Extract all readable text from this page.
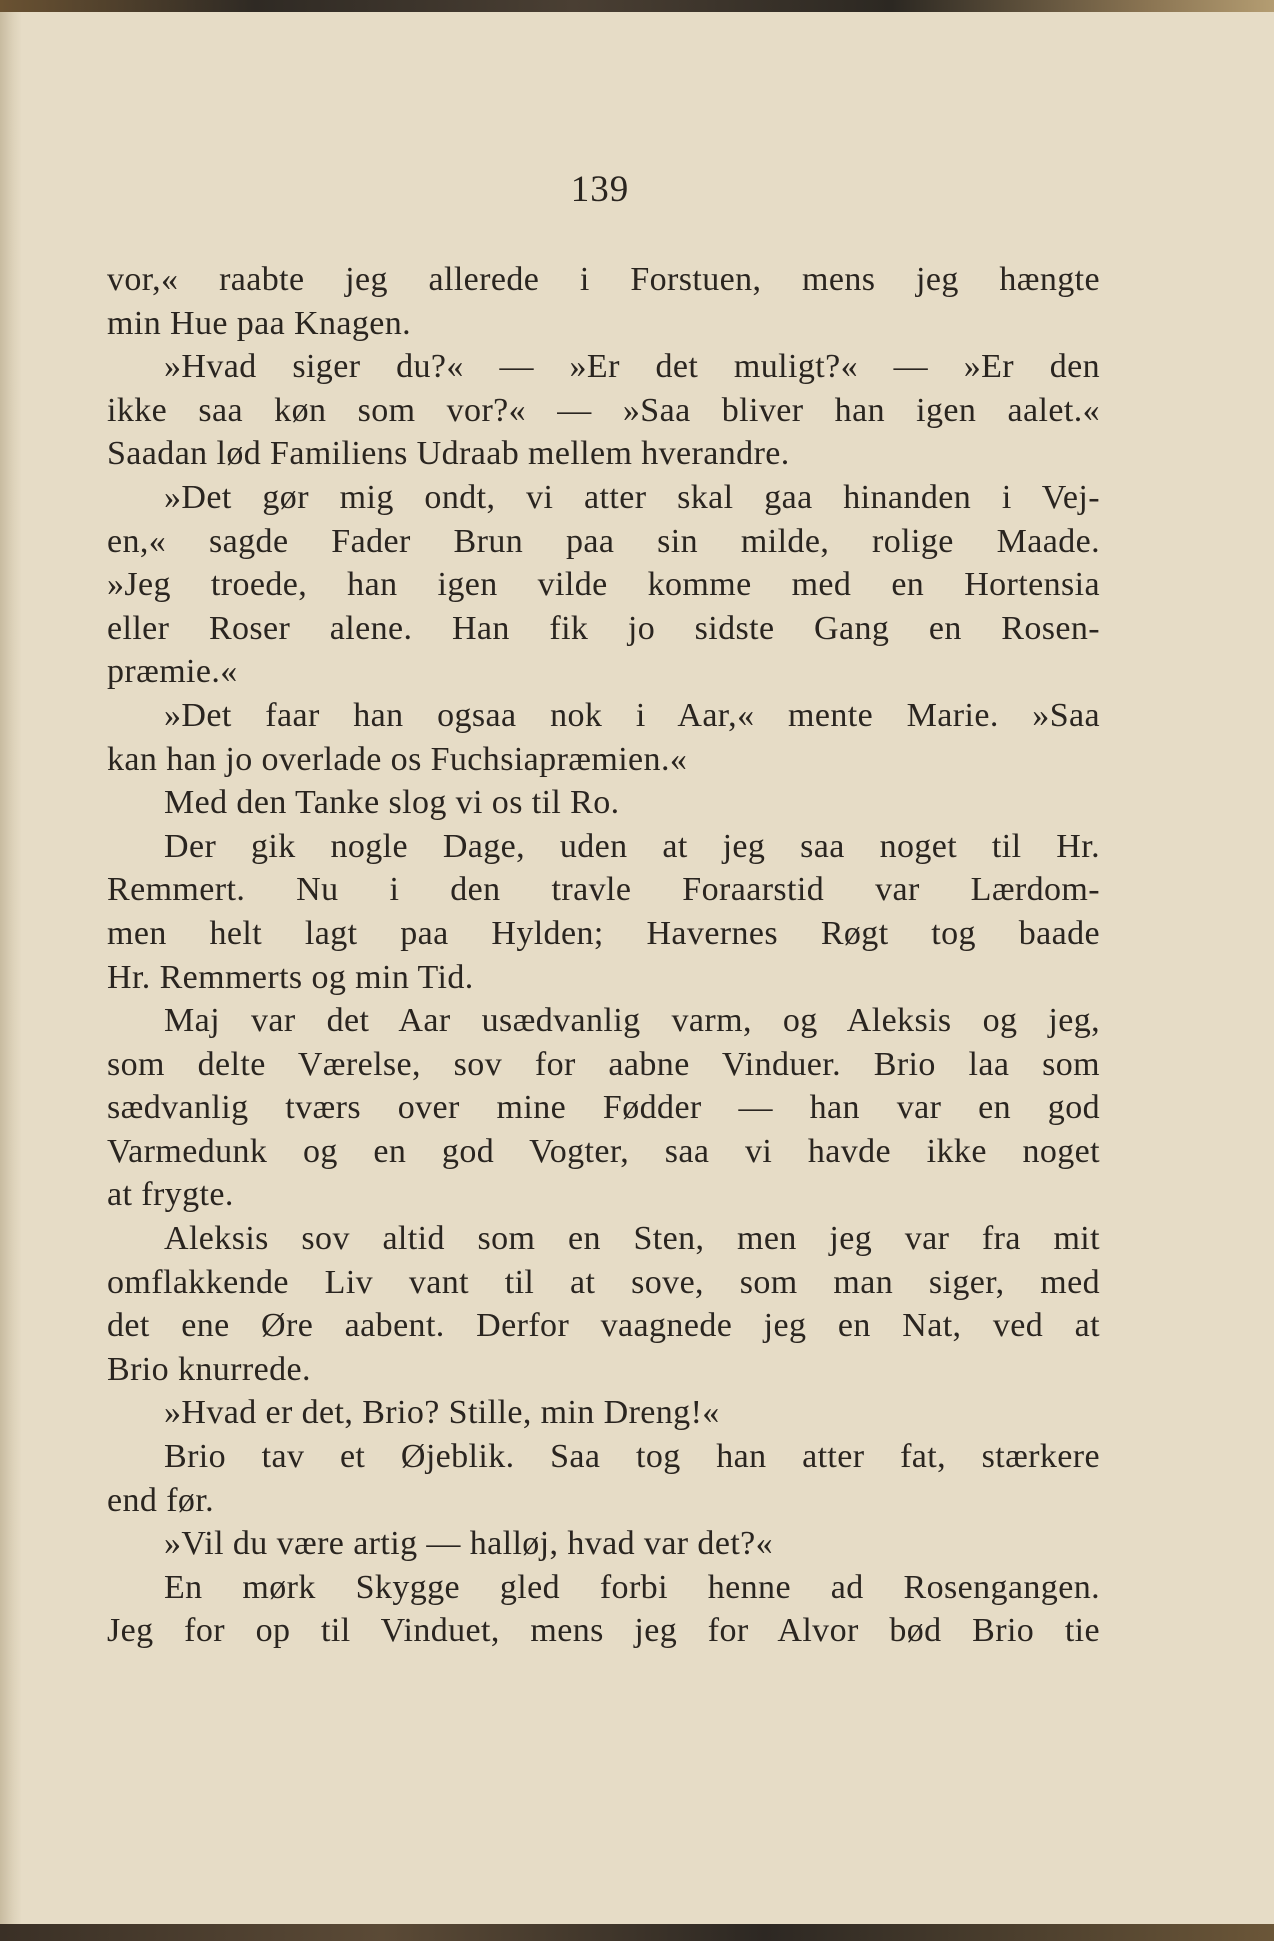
139
vor,« raabte jeg allerede i Forstuen, mens jeg hængte
min Hue paa Knagen.
»Hvad siger du?« — »Er det muligt?« — »Er den
ikke saa køn som vor?« — »Saa bliver han igen aalet.«
Saadan lød Familiens Udraab mellem hverandre.
»Det gør mig ondt, vi atter skal gaa hinanden i Vej-
en,« sagde Fader Brun paa sin milde, rolige Maade.
»Jeg troede, han igen vilde komme med en Hortensia
eller Roser alene. Han fik jo sidste Gang en Rosen-
præmie.«
»Det faar han ogsaa nok i Aar,« mente Marie. »Saa
kan han jo overlade os Fuchsiapræmien.«
Med den Tanke slog vi os til Ro.
Der gik nogle Dage, uden at jeg saa noget til Hr.
Remmert. Nu i den travle Foraarstid var Lærdom-
men helt lagt paa Hylden; Havernes Røgt tog baade
Hr. Remmerts og min Tid.
Maj var det Aar usædvanlig varm, og Aleksis og jeg,
som delte Værelse, sov for aabne Vinduer. Brio laa som
sædvanlig tværs over mine Fødder — han var en god
Varmedunk og en god Vogter, saa vi havde ikke noget
at frygte.
Aleksis sov altid som en Sten, men jeg var fra mit
omflakkende Liv vant til at sove, som man siger, med
det ene Øre aabent. Derfor vaagnede jeg en Nat, ved at
Brio knurrede.
»Hvad er det, Brio? Stille, min Dreng!«
Brio tav et Øjeblik. Saa tog han atter fat, stærkere
end før.
»Vil du være artig — halløj, hvad var det?«
En mørk Skygge gled forbi henne ad Rosengangen.
Jeg for op til Vinduet, mens jeg for Alvor bød Brio tie
